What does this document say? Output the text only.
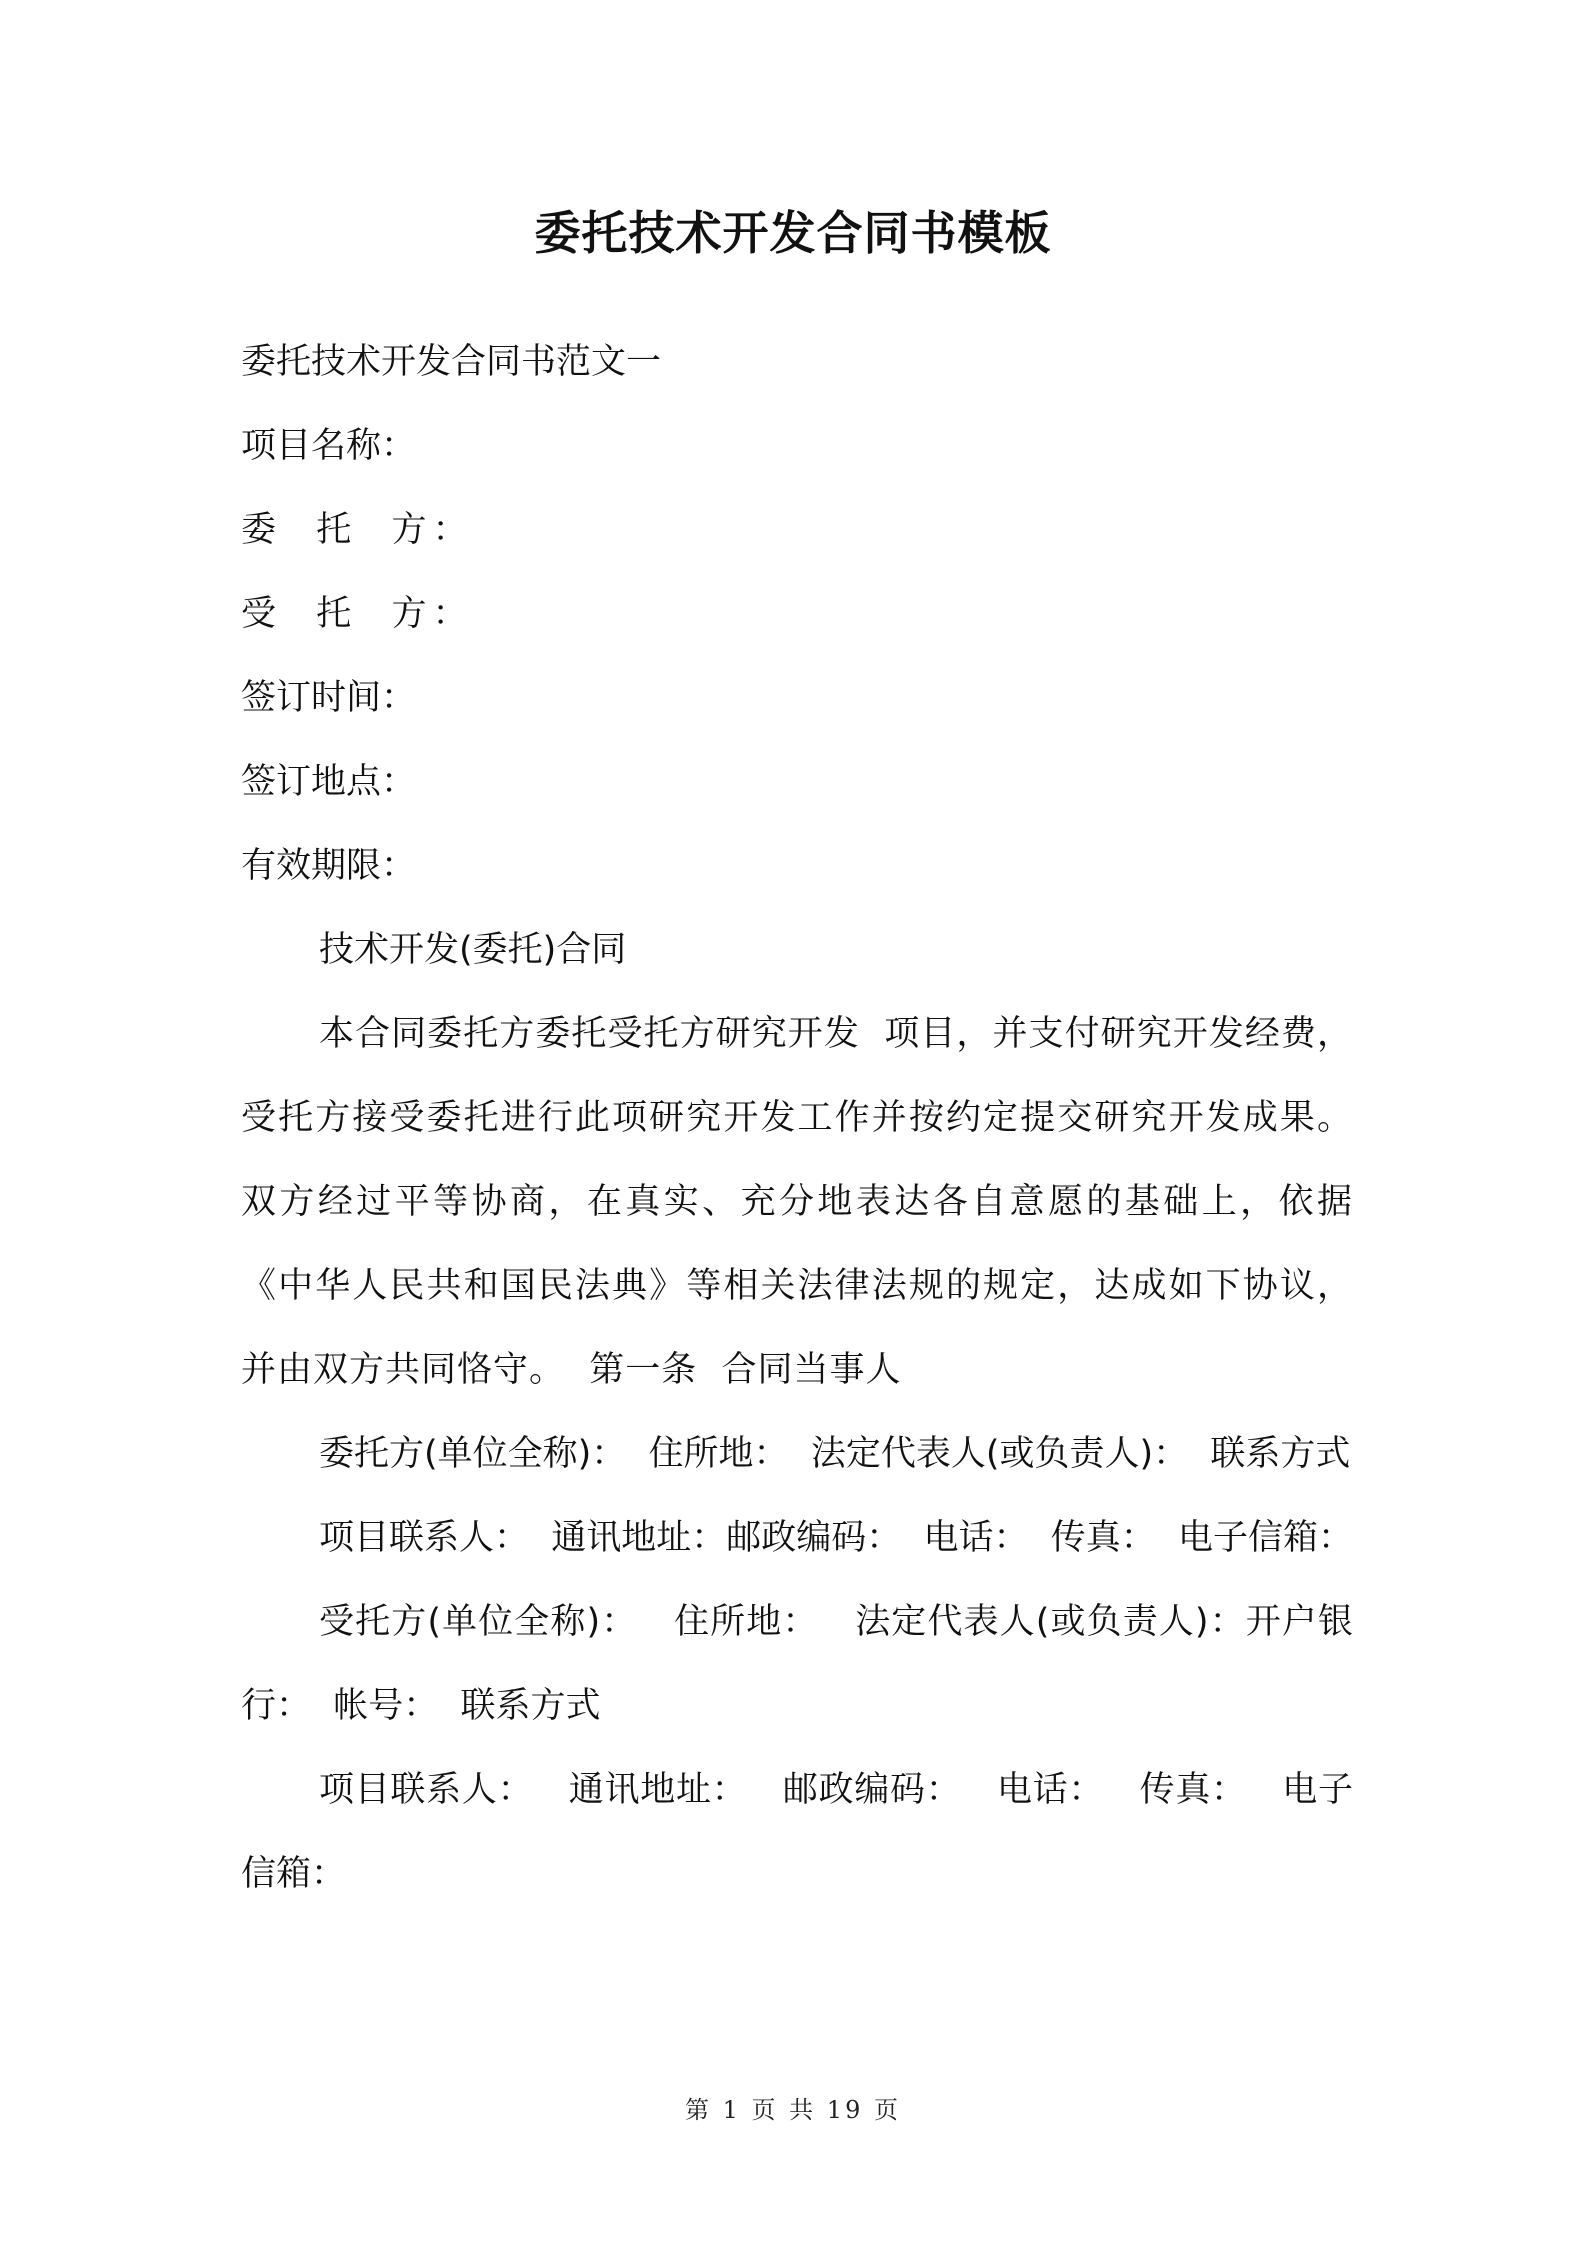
委托技术开发合同书模板
委托技术开发合同书范文一
项目名称：
委  托  方：
受  托  方：
签订时间：
签订地点：
有效期限：
技术开发(委托)合同

本合同委托方委托受托方研究开发  项目，并支付研究开发经费，受托方接受委托进行此项研究开发工作并按约定提交研究开发成果。双方经过平等协商，在真实、充分地表达各自意愿的基础上，依据《中华人民共和国民法典》等相关法律法规的规定，达成如下协议，并由双方共同恪守。  第一条  合同当事人

委托方(单位全称)：  住所地：  法定代表人(或负责人)：  联系方式

项目联系人：  通讯地址：邮政编码：  电话：  传真：  电子信箱：

受托方(单位全称)：   住所地：   法定代表人(或负责人)：开户银行：  帐号：  联系方式

项目联系人：   通讯地址：   邮政编码：   电话：   传真：   电子信箱：

第 1 页 共 19 页
